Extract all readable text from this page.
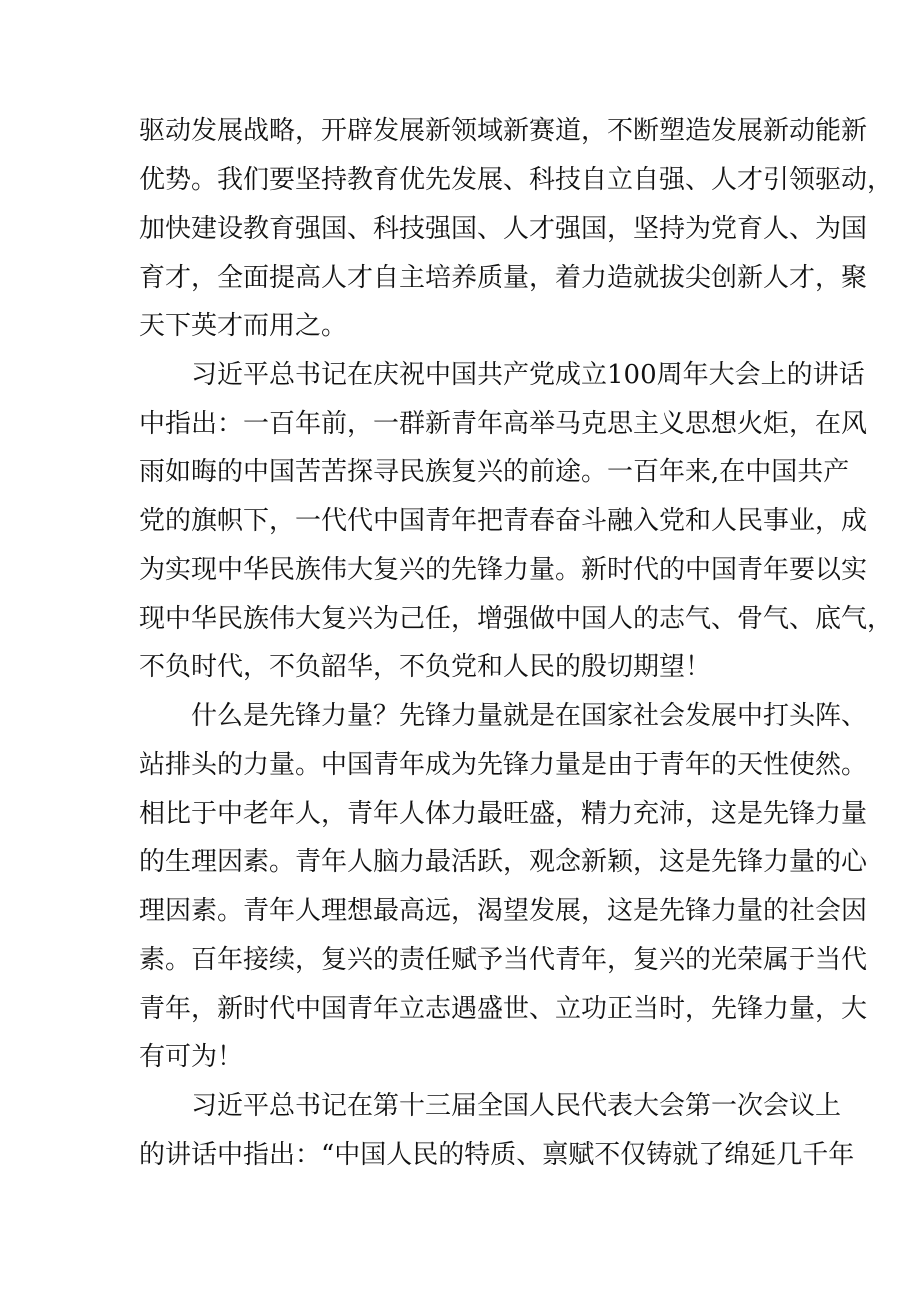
驱动发展战略，开辟发展新领域新赛道，不断塑造发展新动能新
优势。我们要坚持教育优先发展、科技自立自强、人才引领驱动，
加快建设教育强国、科技强国、人才强国，坚持为党育人、为国
育才，全面提高人才自主培养质量，着力造就拔尖创新人才，聚
天下英才而用之。
习近平总书记在庆祝中国共产党成立100周年大会上的讲话
中指出：一百年前，一群新青年高举马克思主义思想火炬，在风
雨如晦的中国苦苦探寻民族复兴的前途。一百年来,在中国共产
党的旗帜下，一代代中国青年把青春奋斗融入党和人民事业，成
为实现中华民族伟大复兴的先锋力量。新时代的中国青年要以实
现中华民族伟大复兴为己任，增强做中国人的志气、骨气、底气，
不负时代，不负韶华，不负党和人民的殷切期望！
什么是先锋力量？先锋力量就是在国家社会发展中打头阵、
站排头的力量。中国青年成为先锋力量是由于青年的天性使然。
相比于中老年人，青年人体力最旺盛，精力充沛，这是先锋力量
的生理因素。青年人脑力最活跃，观念新颖，这是先锋力量的心
理因素。青年人理想最高远，渴望发展，这是先锋力量的社会因
素。百年接续，复兴的责任赋予当代青年，复兴的光荣属于当代
青年，新时代中国青年立志遇盛世、立功正当时，先锋力量，大
有可为！
习近平总书记在第十三届全国人民代表大会第一次会议上
的讲话中指出：“中国人民的特质、禀赋不仅铸就了绵延几千年
